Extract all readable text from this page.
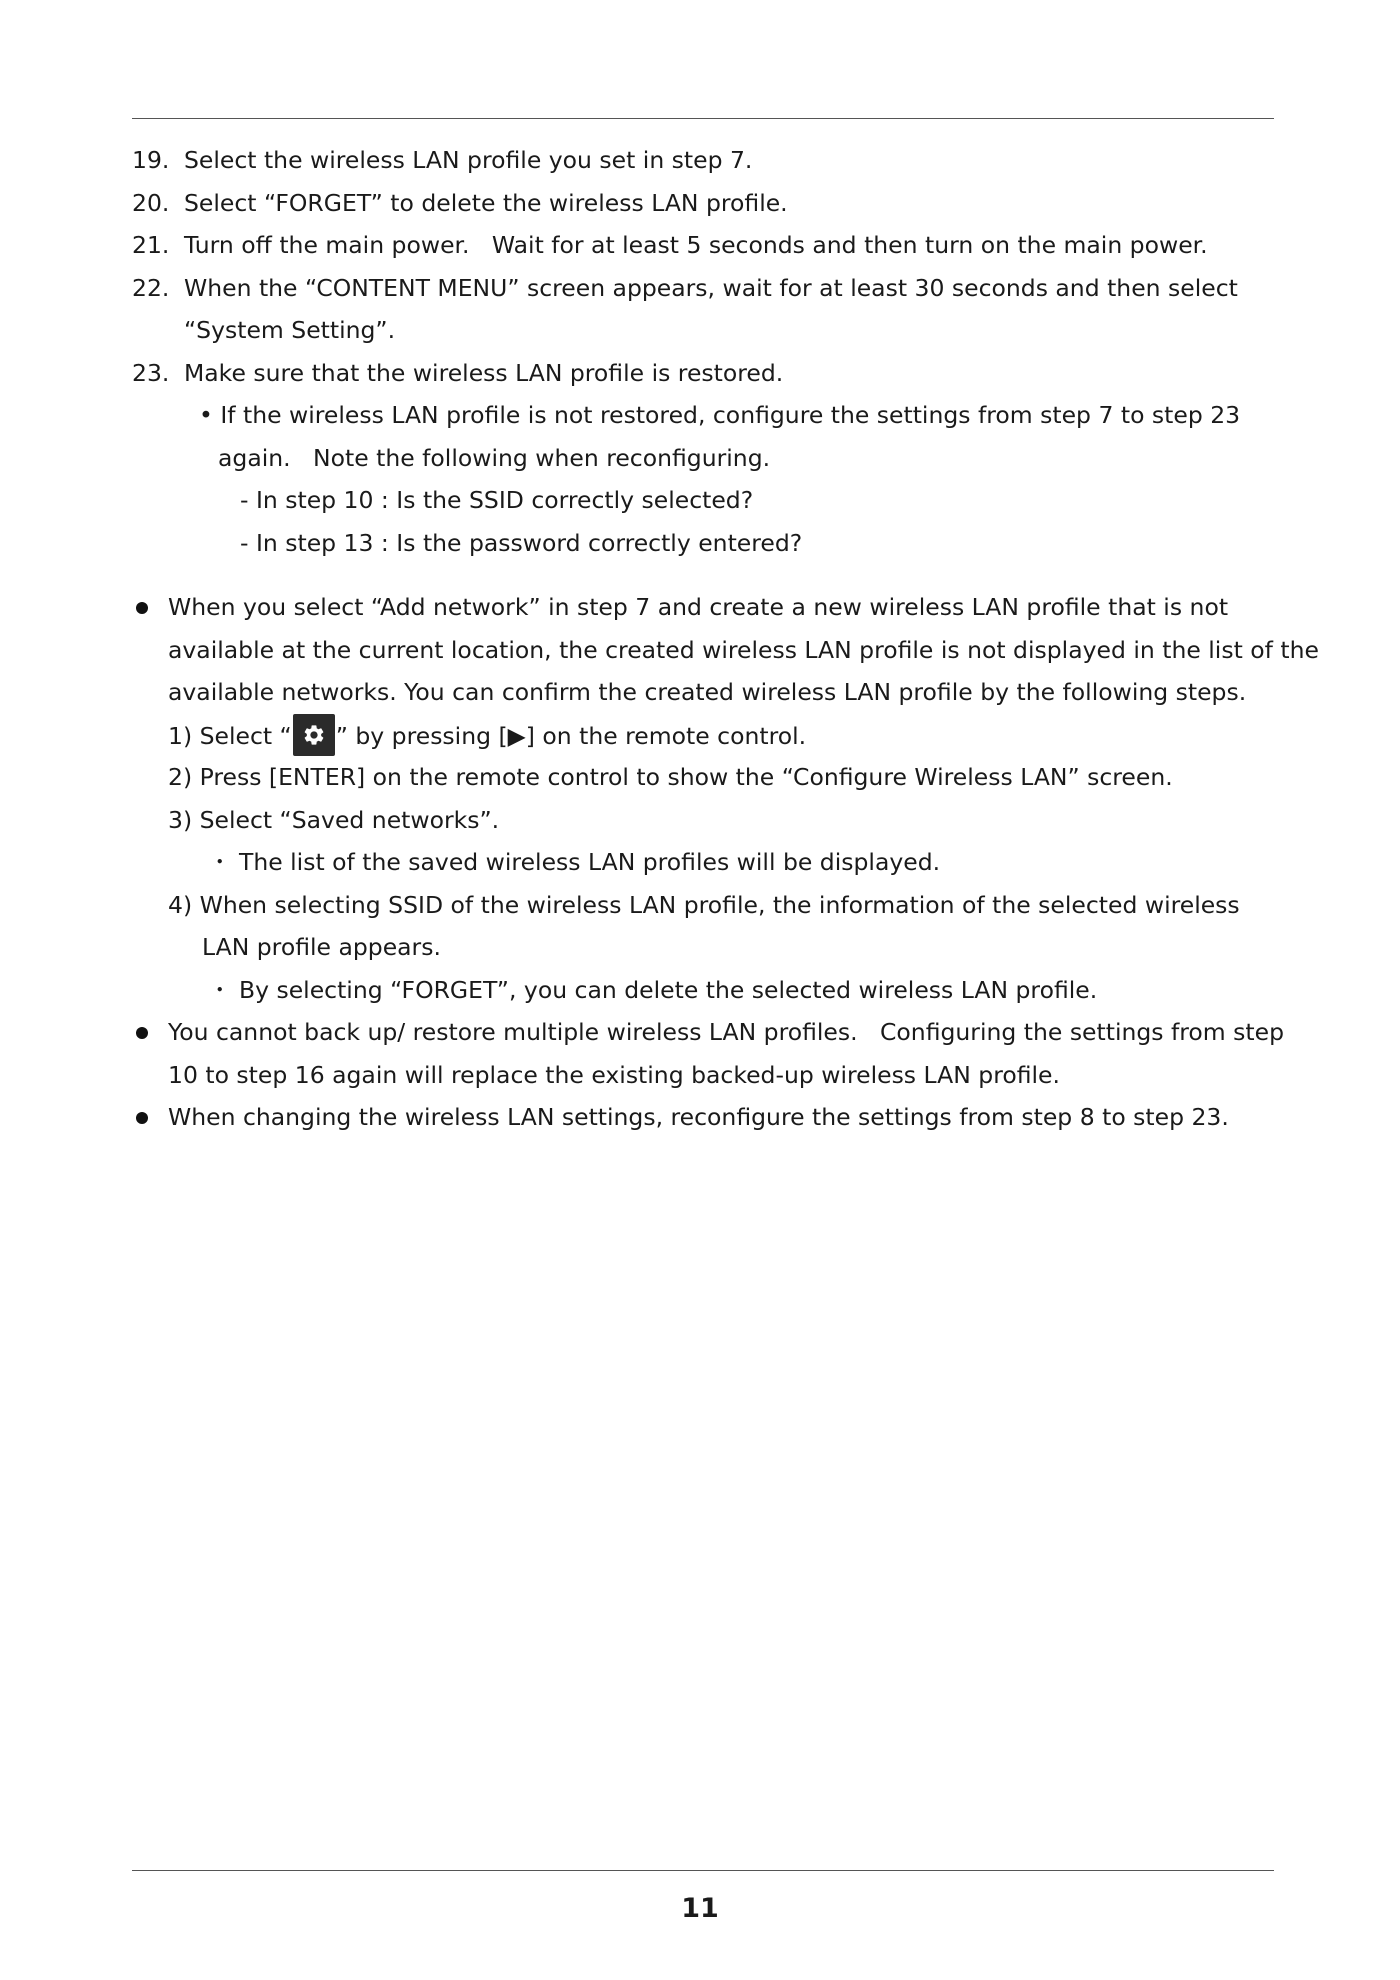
19. Select the wireless LAN profile you set in step 7.
20. Select “FORGET” to delete the wireless LAN profile.
21. Turn off the main power.   Wait for at least 5 seconds and then turn on the main power.
22. When the “CONTENT MENU” screen appears, wait for at least 30 seconds and then select
“System Setting”.
23. Make sure that the wireless LAN profile is restored.
• If the wireless LAN profile is not restored, configure the settings from step 7 to step 23
again.   Note the following when reconfiguring.
- In step 10 : Is the SSID correctly selected?
- In step 13 : Is the password correctly entered?
When you select “Add network” in step 7 and create a new wireless LAN profile that is not
available at the current location, the created wireless LAN profile is not displayed in the list of the
available networks. You can confirm the created wireless LAN profile by the following steps.
1) Select “ ” by pressing [▶] on the remote control.
2) Press [ENTER] on the remote control to show the “Configure Wireless LAN” screen.
3) Select “Saved networks”.
・ The list of the saved wireless LAN profiles will be displayed.
4) When selecting SSID of the wireless LAN profile, the information of the selected wireless
LAN profile appears.
・ By selecting “FORGET”, you can delete the selected wireless LAN profile.
You cannot back up/ restore multiple wireless LAN profiles.   Configuring the settings from step
10 to step 16 again will replace the existing backed-up wireless LAN profile.
When changing the wireless LAN settings, reconfigure the settings from step 8 to step 23.
11
